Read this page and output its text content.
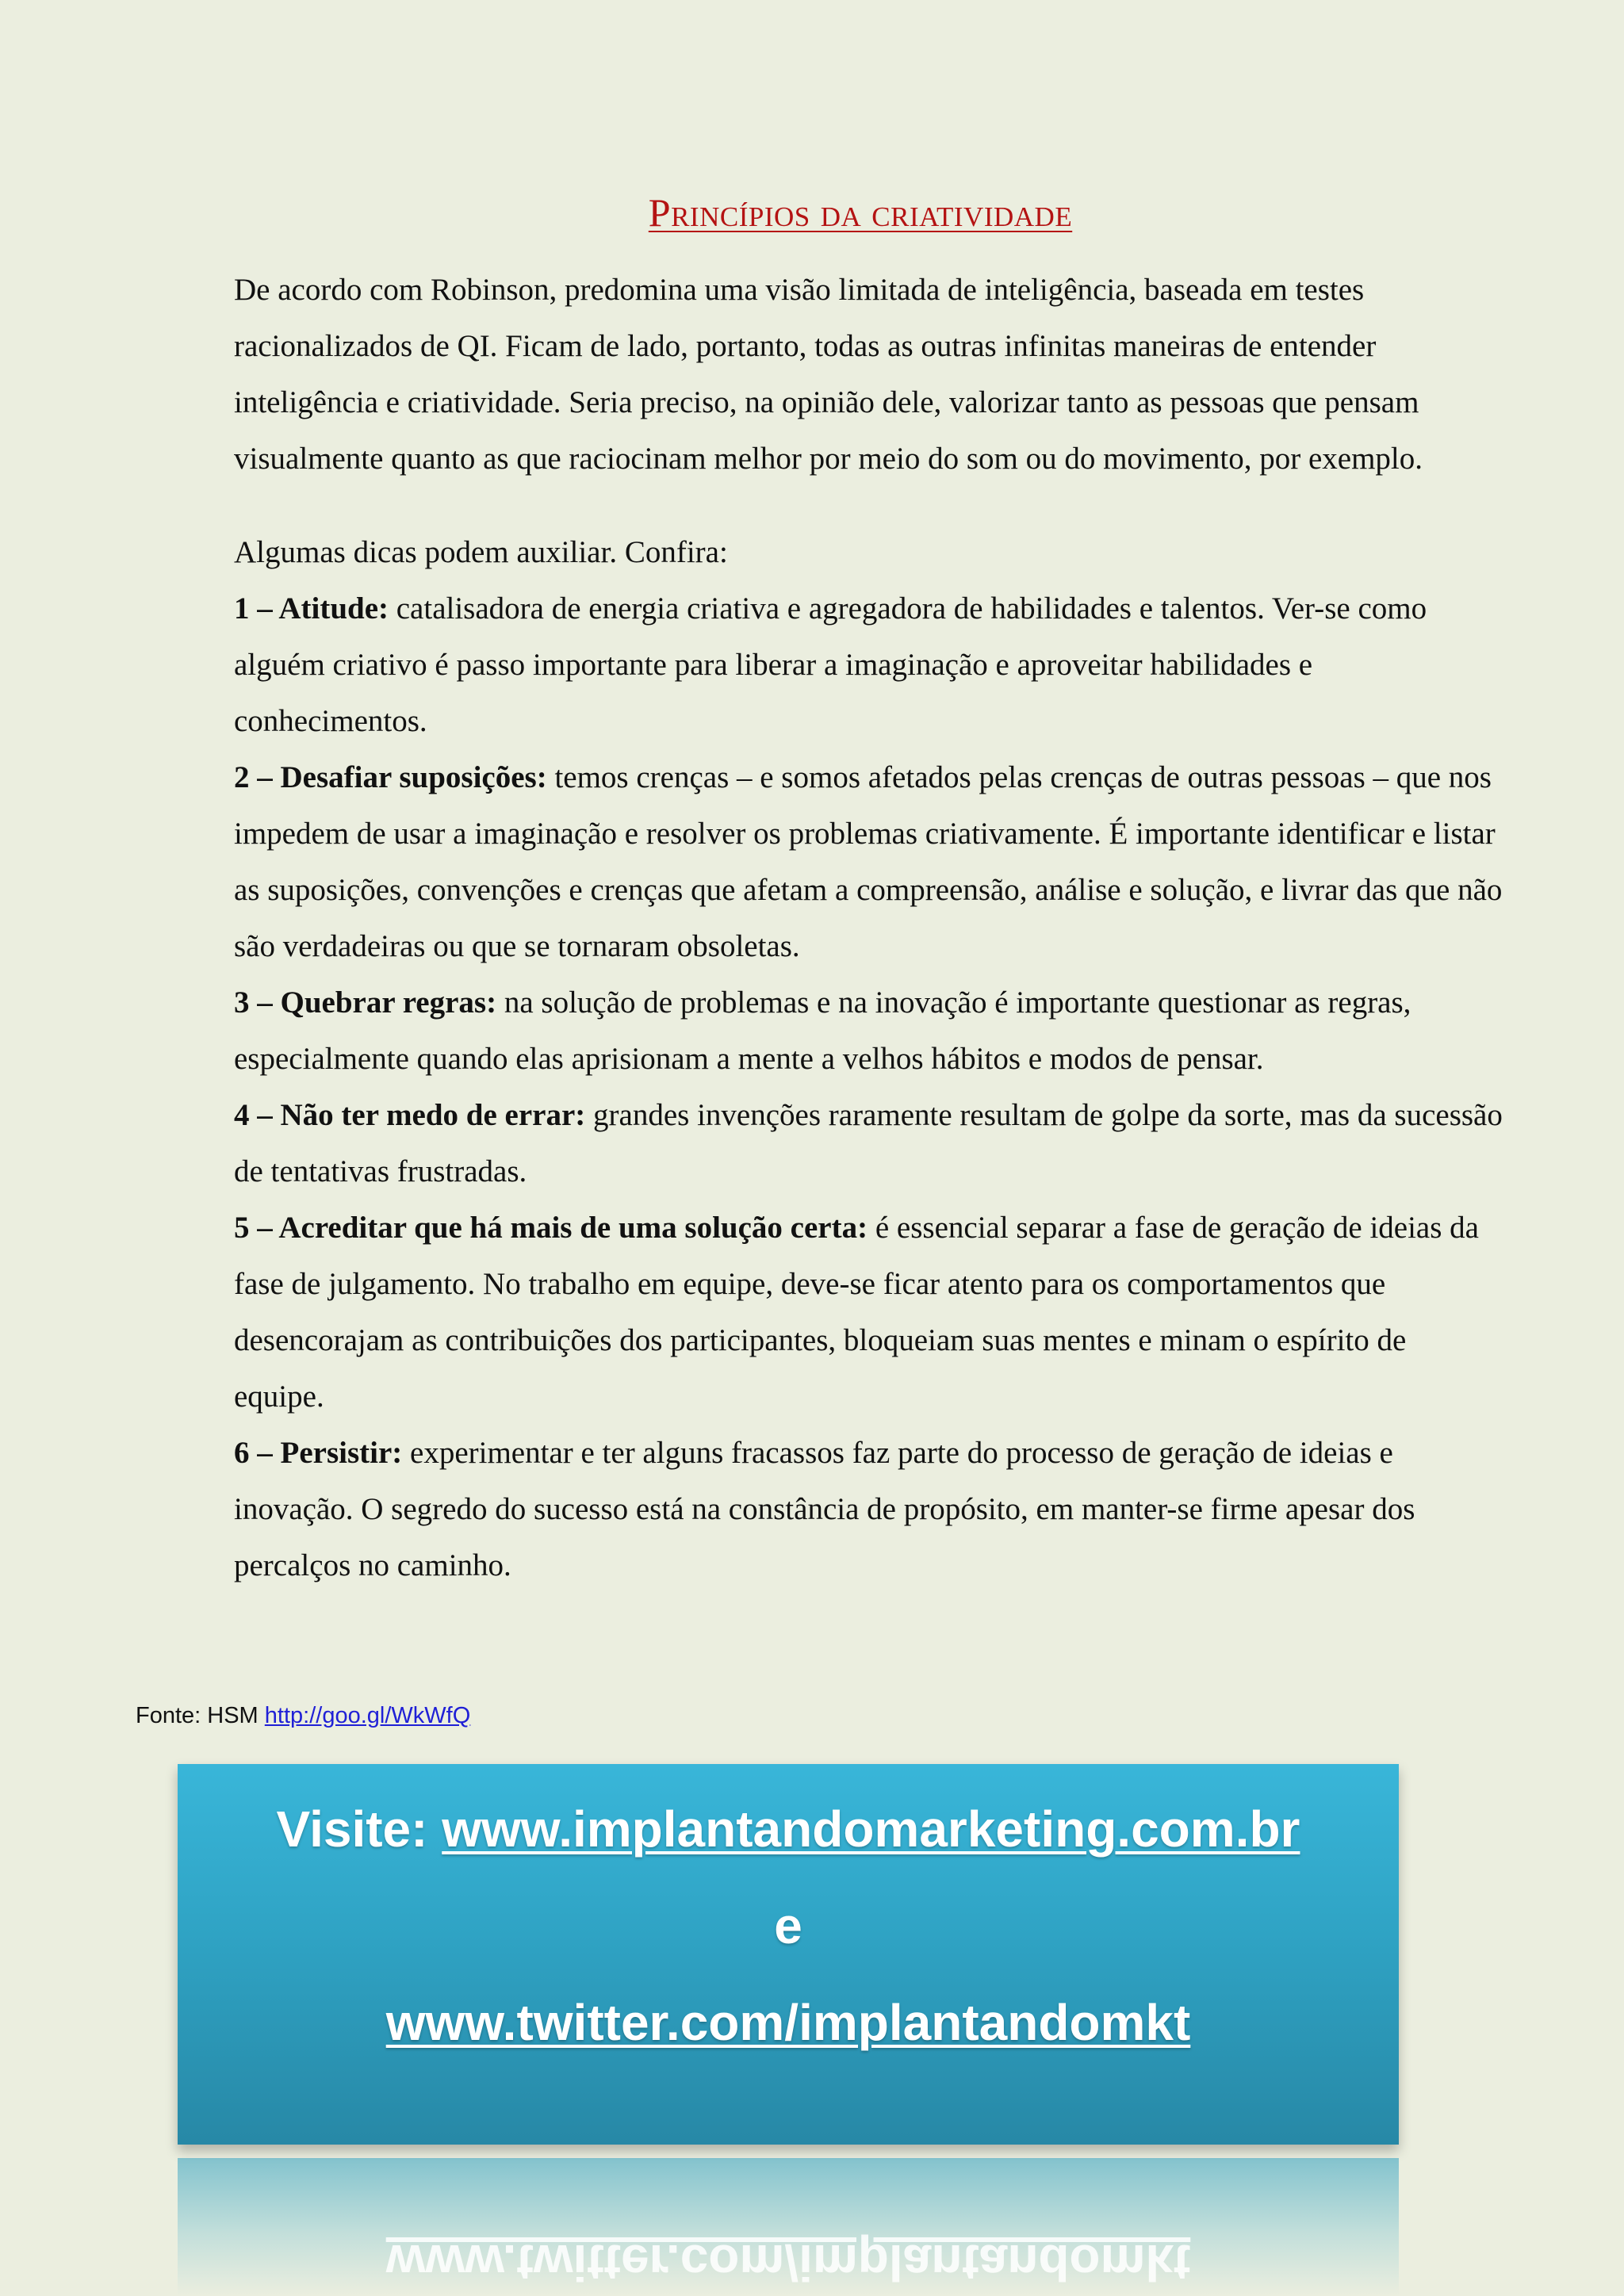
Princípios da criatividade

De acordo com Robinson, predomina uma visão limitada de inteligência, baseada em testes racionalizados de QI. Ficam de lado, portanto, todas as outras infinitas maneiras de entender inteligência e criatividade. Seria preciso, na opinião dele, valorizar tanto as pessoas que pensam visualmente quanto as que raciocinam melhor por meio do som ou do movimento, por exemplo.

Algumas dicas podem auxiliar. Confira:

1 – Atitude: catalisadora de energia criativa e agregadora de habilidades e talentos. Ver-se como alguém criativo é passo importante para liberar a imaginação e aproveitar habilidades e conhecimentos.

2 – Desafiar suposições: temos crenças – e somos afetados pelas crenças de outras pessoas – que nos impedem de usar a imaginação e resolver os problemas criativamente. É importante identificar e listar as suposições, convenções e crenças que afetam a compreensão, análise e solução, e livrar das que não são verdadeiras ou que se tornaram obsoletas.

3 – Quebrar regras: na solução de problemas e na inovação é importante questionar as regras, especialmente quando elas aprisionam a mente a velhos hábitos e modos de pensar.

4 – Não ter medo de errar: grandes invenções raramente resultam de golpe da sorte, mas da sucessão de tentativas frustradas.

5 – Acreditar que há mais de uma solução certa: é essencial separar a fase de geração de ideias da fase de julgamento. No trabalho em equipe, deve-se ficar atento para os comportamentos que desencorajam as contribuições dos participantes, bloqueiam suas mentes e minam o espírito de equipe.

6 – Persistir: experimentar e ter alguns fracassos faz parte do processo de geração de ideias e inovação. O segredo do sucesso está na constância de propósito, em manter-se firme apesar dos percalços no caminho.

Fonte: HSM http://goo.gl/WkWfQ
Visite: www.implantandomarketing.com.br
e
www.twitter.com/implantandomkt
www.twitter.com/implantandomkt
